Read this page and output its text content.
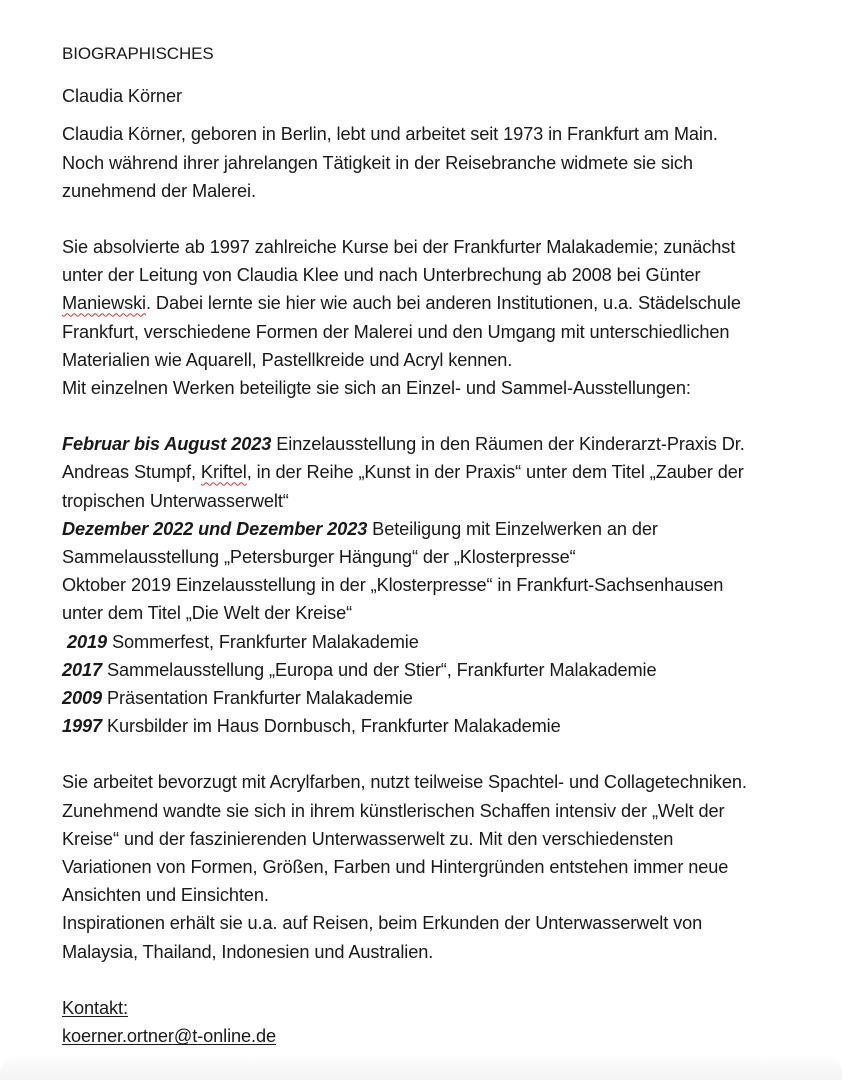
BIOGRAPHISCHES

Claudia Körner

Claudia Körner, geboren in Berlin, lebt und arbeitet seit 1973 in Frankfurt am Main.

Noch während ihrer jahrelangen Tätigkeit in der Reisebranche widmete sie sich

zunehmend der Malerei.

Sie absolvierte ab 1997 zahlreiche Kurse bei der Frankfurter Malakademie; zunächst

unter der Leitung von Claudia Klee und nach Unterbrechung ab 2008 bei Günter

Maniewski. Dabei lernte sie hier wie auch bei anderen Institutionen, u.a. Städelschule

Frankfurt, verschiedene Formen der Malerei und den Umgang mit unterschiedlichen

Materialien wie Aquarell, Pastellkreide und Acryl kennen.

Mit einzelnen Werken beteiligte sie sich an Einzel- und Sammel-Ausstellungen:

Februar bis August 2023 Einzelausstellung in den Räumen der Kinderarzt-Praxis Dr.

Andreas Stumpf, Kriftel, in der Reihe „Kunst in der Praxis“ unter dem Titel „Zauber der

tropischen Unterwasserwelt“

Dezember 2022 und Dezember 2023 Beteiligung mit Einzelwerken an der

Sammelausstellung „Petersburger Hängung“ der „Klosterpresse“

Oktober 2019 Einzelausstellung in der „Klosterpresse“ in Frankfurt-Sachsenhausen

unter dem Titel „Die Welt der Kreise“

2019 Sommerfest, Frankfurter Malakademie

2017 Sammelausstellung „Europa und der Stier“, Frankfurter Malakademie

2009 Präsentation Frankfurter Malakademie

1997 Kursbilder im Haus Dornbusch, Frankfurter Malakademie

Sie arbeitet bevorzugt mit Acrylfarben, nutzt teilweise Spachtel- und Collagetechniken.

Zunehmend wandte sie sich in ihrem künstlerischen Schaffen intensiv der „Welt der

Kreise“ und der faszinierenden Unterwasserwelt zu. Mit den verschiedensten

Variationen von Formen, Größen, Farben und Hintergründen entstehen immer neue

Ansichten und Einsichten.

Inspirationen erhält sie u.a. auf Reisen, beim Erkunden der Unterwasserwelt von

Malaysia, Thailand, Indonesien und Australien.

Kontakt:

koerner.ortner@t-online.de
